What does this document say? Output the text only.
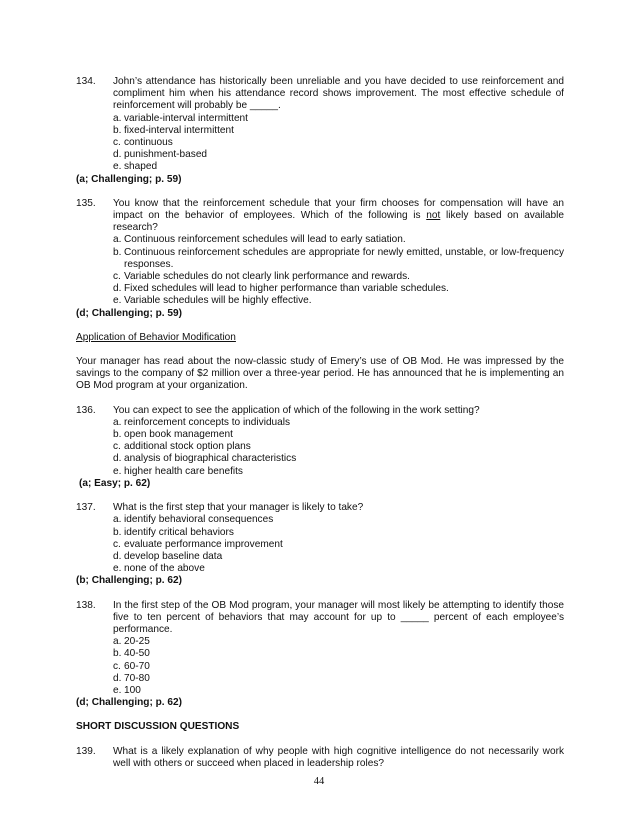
134.	John’s attendance has historically been unreliable and you have decided to use reinforcement and compliment him when his attendance record shows improvement. The most effective schedule of reinforcement will probably be _____.
a. variable-interval intermittent
b. fixed-interval intermittent
c. continuous
d. punishment-based
e. shaped
(a; Challenging; p. 59)
135.	You know that the reinforcement schedule that your firm chooses for compensation will have an impact on the behavior of employees. Which of the following is not likely based on available research?
a. Continuous reinforcement schedules will lead to early satiation.
b. Continuous reinforcement schedules are appropriate for newly emitted, unstable, or low-frequency responses.
c. Variable schedules do not clearly link performance and rewards.
d. Fixed schedules will lead to higher performance than variable schedules.
e. Variable schedules will be highly effective.
(d; Challenging; p. 59)
Application of Behavior Modification
Your manager has read about the now-classic study of Emery’s use of OB Mod. He was impressed by the savings to the company of $2 million over a three-year period. He has announced that he is implementing an OB Mod program at your organization.
136.	You can expect to see the application of which of the following in the work setting?
a. reinforcement concepts to individuals
b. open book management
c. additional stock option plans
d. analysis of biographical characteristics
e. higher health care benefits
(a; Easy; p. 62)
137.	What is the first step that your manager is likely to take?
a. identify behavioral consequences
b. identify critical behaviors
c. evaluate performance improvement
d. develop baseline data
e. none of the above
(b; Challenging; p. 62)
138.	In the first step of the OB Mod program, your manager will most likely be attempting to identify those five to ten percent of behaviors that may account for up to _____ percent of each employee’s performance.
a. 20-25
b. 40-50
c. 60-70
d. 70-80
e. 100
(d; Challenging; p. 62)
SHORT DISCUSSION QUESTIONS
139.	What is a likely explanation of why people with high cognitive intelligence do not necessarily work well with others or succeed when placed in leadership roles?
44
